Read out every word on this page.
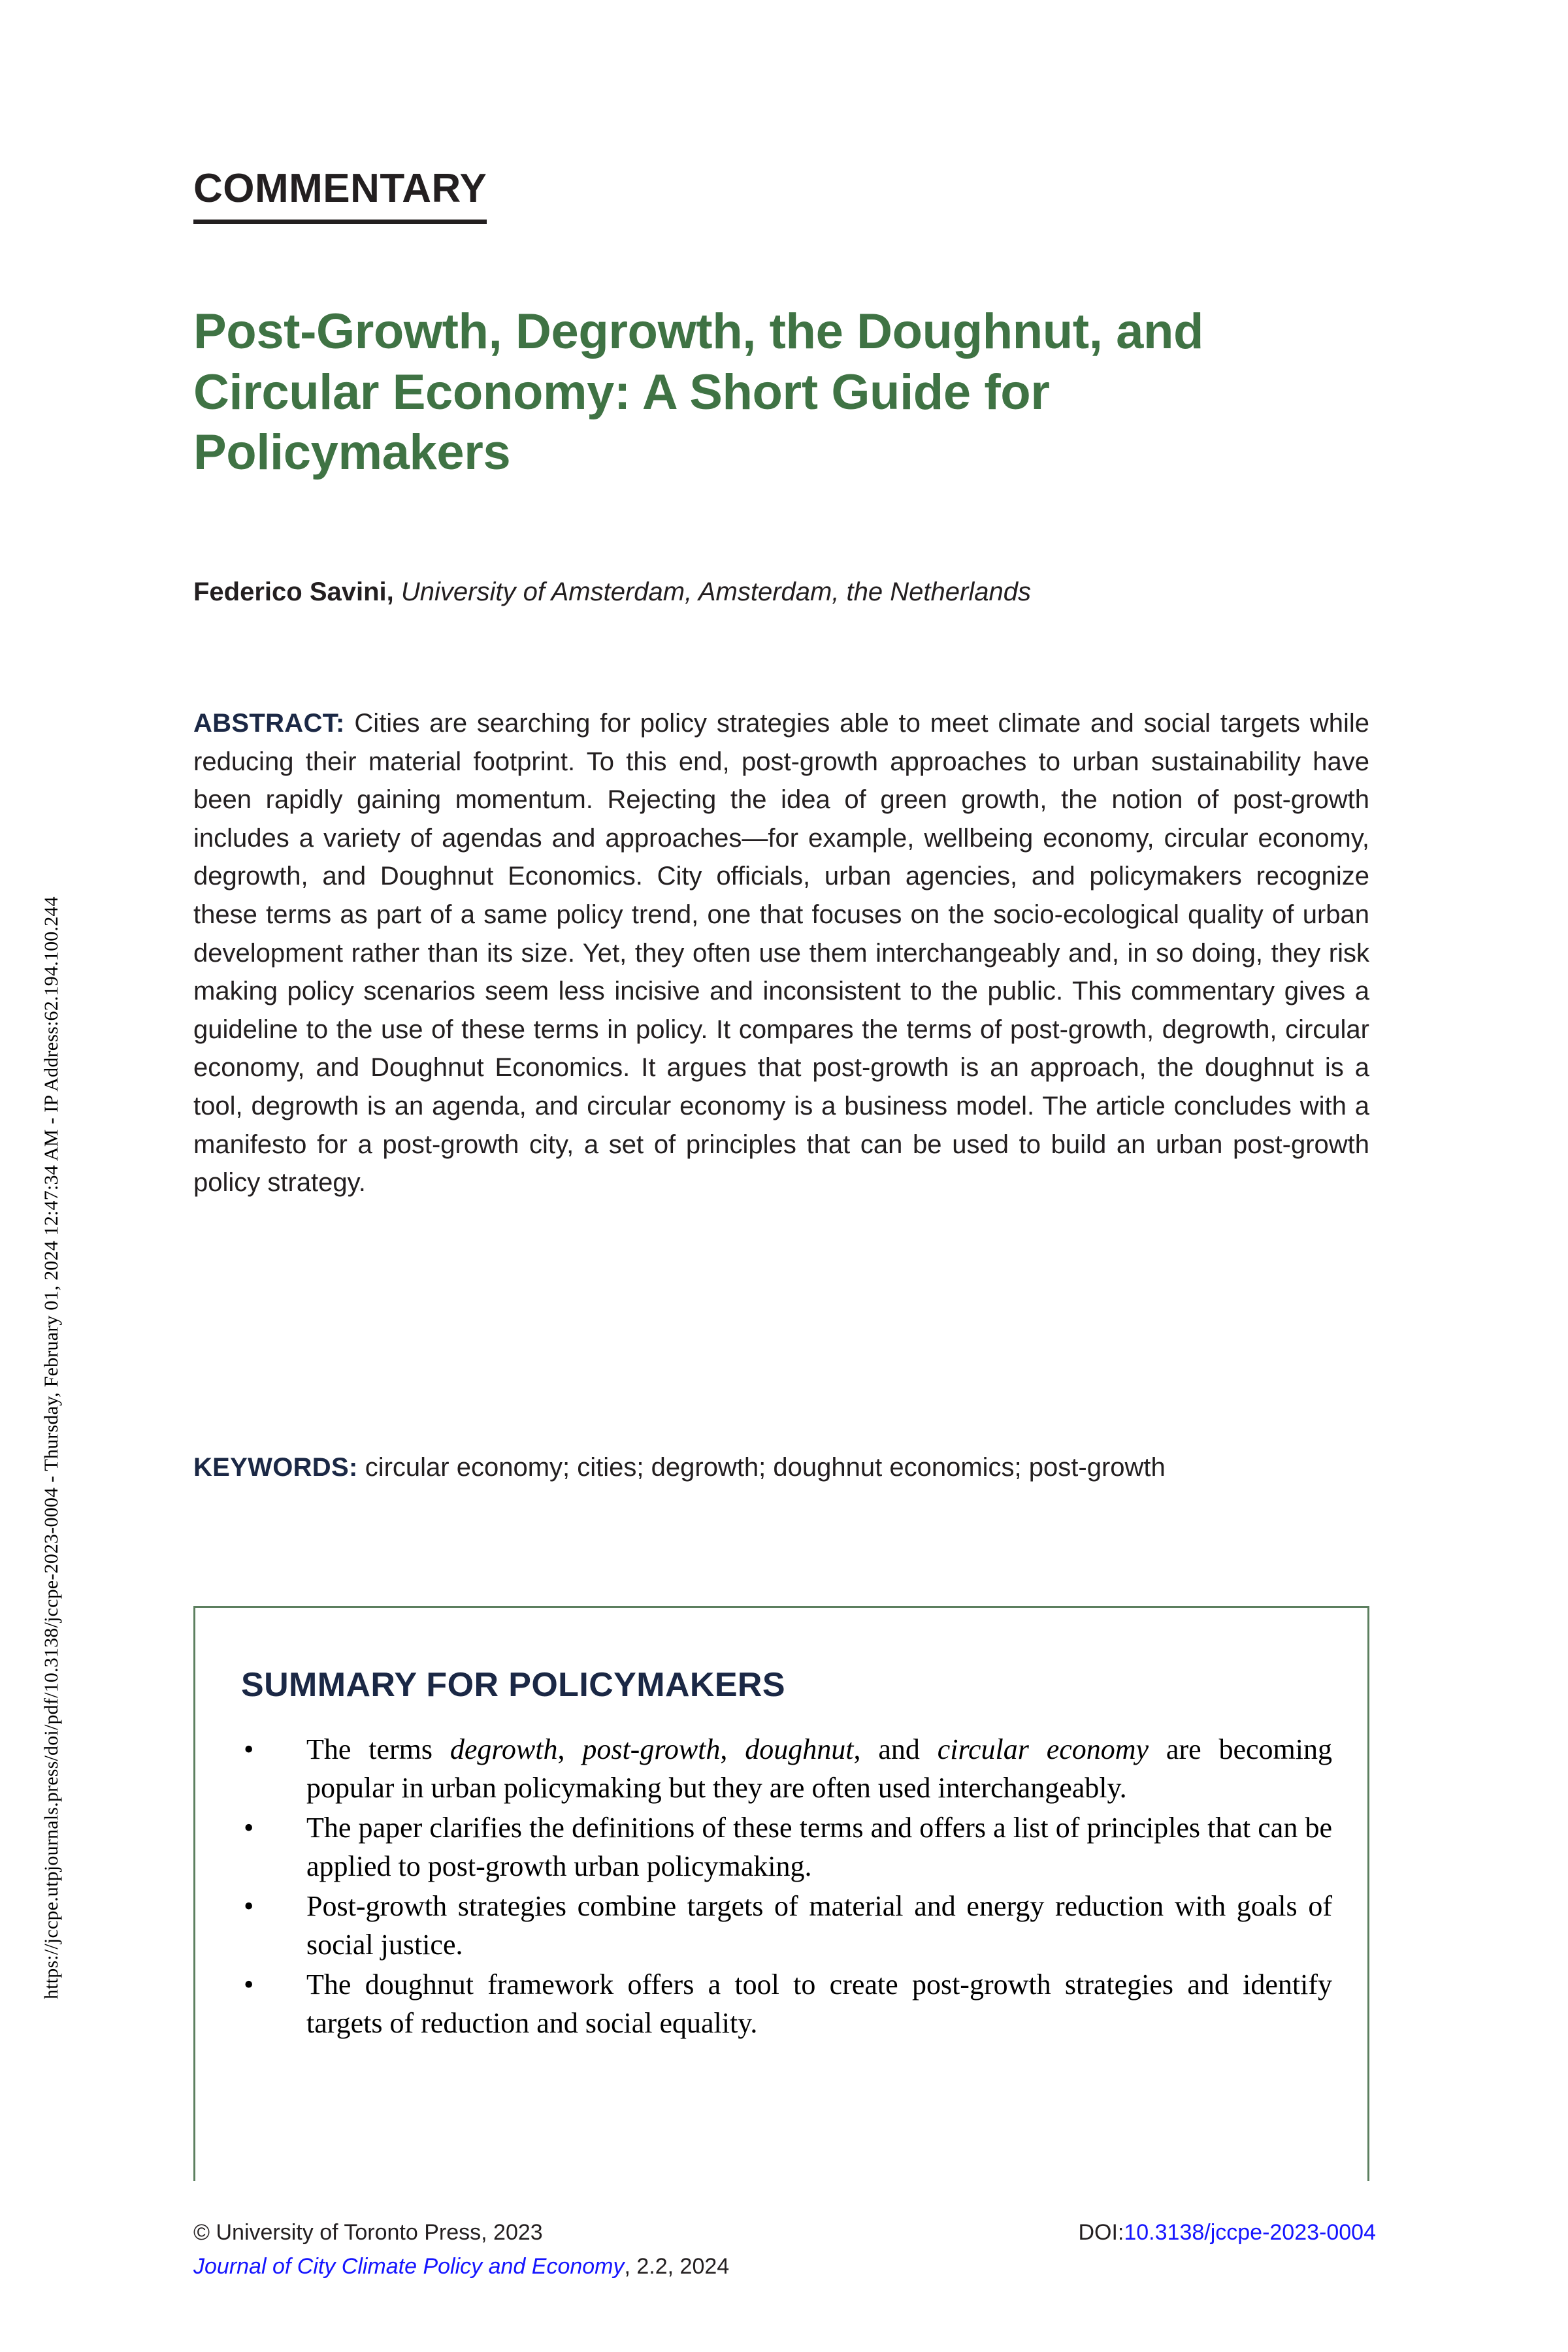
https://jccpe.utpjournals.press/doi/pdf/10.3138/jccpe-2023-0004 - Thursday, February 01, 2024 12:47:34 AM - IP Address:62.194.100.244
COMMENTARY
Post-Growth, Degrowth, the Doughnut, and Circular Economy: A Short Guide for Policymakers
Federico Savini, University of Amsterdam, Amsterdam, the Netherlands

ABSTRACT: Cities are searching for policy strategies able to meet climate and social targets while reducing their material footprint. To this end, post-growth approaches to urban sustainability have been rapidly gaining momentum. Rejecting the idea of green growth, the notion of post-growth includes a variety of agendas and approaches—for example, wellbeing economy, circular economy, degrowth, and Doughnut Economics. City officials, urban agencies, and policymakers recognize these terms as part of a same policy trend, one that focuses on the socio-ecological quality of urban development rather than its size. Yet, they often use them interchangeably and, in so doing, they risk making policy scenarios seem less incisive and inconsistent to the public. This commentary gives a guideline to the use of these terms in policy. It compares the terms of post-growth, degrowth, circular economy, and Doughnut Economics. It argues that post-growth is an approach, the doughnut is a tool, degrowth is an agenda, and circular economy is a business model. The article concludes with a manifesto for a post-growth city, a set of principles that can be used to build an urban post-growth policy strategy.

KEYWORDS: circular economy; cities; degrowth; doughnut economics; post-growth
SUMMARY FOR POLICYMAKERS
• The terms degrowth, post-growth, doughnut, and circular economy are becoming popular in urban policymaking but they are often used interchangeably.
• The paper clarifies the definitions of these terms and offers a list of principles that can be applied to post-growth urban policymaking.
• Post-growth strategies combine targets of material and energy reduction with goals of social justice.
• The doughnut framework offers a tool to create post-growth strategies and identify targets of reduction and social equality.
© University of Toronto Press, 2023
Journal of City Climate Policy and Economy, 2.2, 2024
DOI:10.3138/jccpe-2023-0004
